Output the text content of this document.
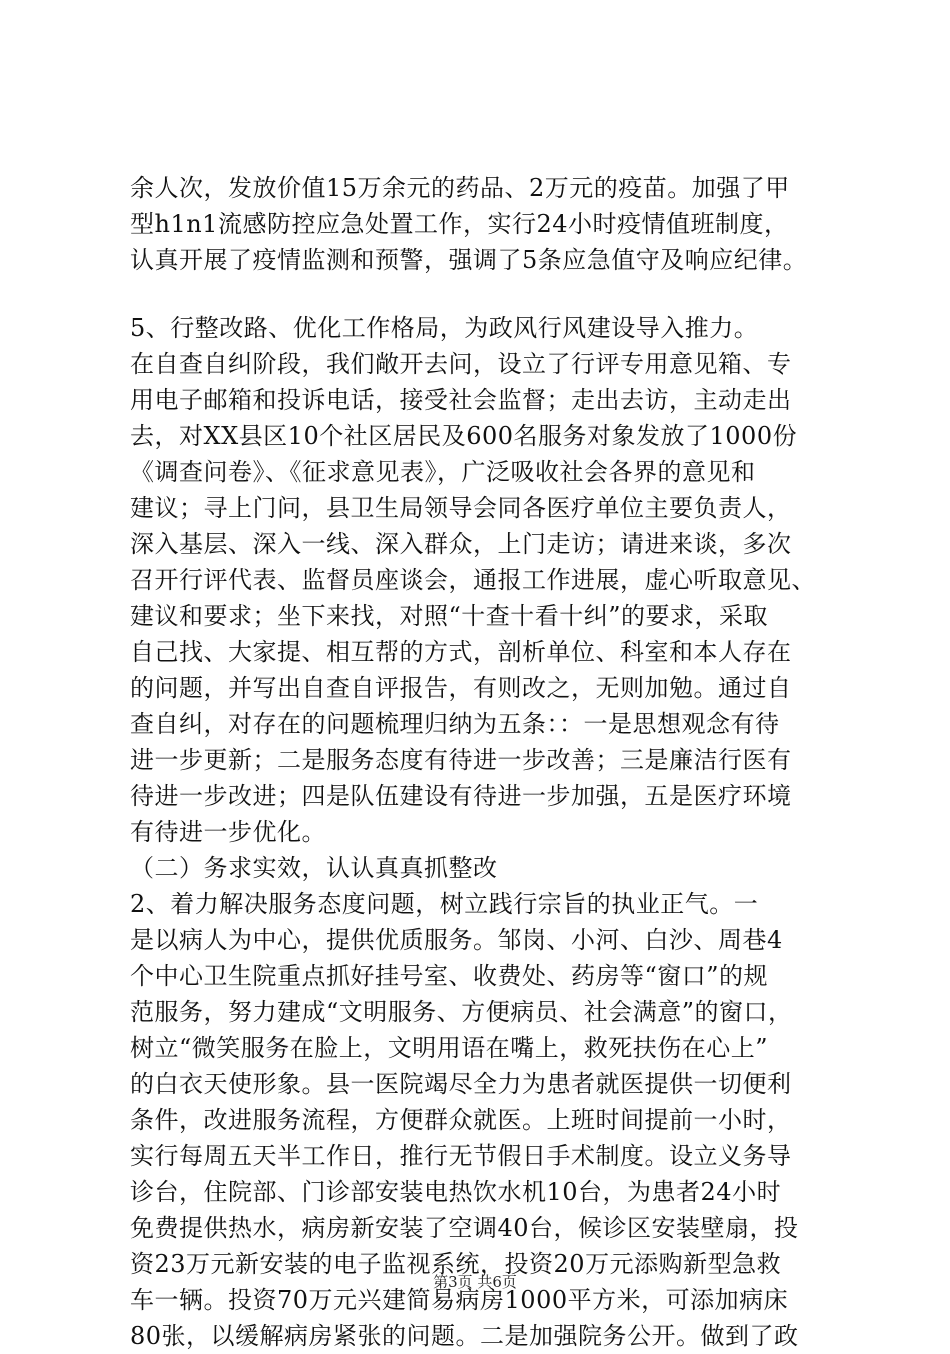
余人次，发放价值15万余元的药品、2万元的疫苗。加强了甲
型h1n1流感防控应急处置工作，实行24小时疫情值班制度，
认真开展了疫情监测和预警，强调了5条应急值守及响应纪律。
5、行整改路、优化工作格局，为政风行风建设导入推力。
在自查自纠阶段，我们敞开去问，设立了行评专用意见箱、专
用电子邮箱和投诉电话，接受社会监督；走出去访，主动走出
去，对XX县区10个社区居民及600名服务对象发放了1000份
《调查问卷》、《征求意见表》，广泛吸收社会各界的意见和
建议；寻上门问，县卫生局领导会同各医疗单位主要负责人，
深入基层、深入一线、深入群众，上门走访；请进来谈，多次
召开行评代表、监督员座谈会，通报工作进展，虚心听取意见、
建议和要求；坐下来找，对照“十查十看十纠”的要求，采取
自己找、大家提、相互帮的方式，剖析单位、科室和本人存在
的问题，并写出自查自评报告，有则改之，无则加勉。通过自
查自纠，对存在的问题梳理归纳为五条：：一是思想观念有待
进一步更新；二是服务态度有待进一步改善；三是廉洁行医有
待进一步改进；四是队伍建设有待进一步加强，五是医疗环境
有待进一步优化。
（二）务求实效，认认真真抓整改
2、着力解决服务态度问题，树立践行宗旨的执业正气。一
是以病人为中心，提供优质服务。邹岗、小河、白沙、周巷4
个中心卫生院重点抓好挂号室、收费处、药房等“窗口”的规
范服务，努力建成“文明服务、方便病员、社会满意”的窗口，
树立“微笑服务在脸上，文明用语在嘴上，救死扶伤在心上”
的白衣天使形象。县一医院竭尽全力为患者就医提供一切便利
条件，改进服务流程，方便群众就医。上班时间提前一小时，
实行每周五天半工作日，推行无节假日手术制度。设立义务导
诊台，住院部、门诊部安装电热饮水机10台，为患者24小时
免费提供热水，病房新安装了空调40台，候诊区安装壁扇，投
资23万元新安装的电子监视系统，投资20万元添购新型急救
车一辆。投资70万元兴建简易病房1000平方米，可添加病床
80张，以缓解病房紧张的问题。二是加强院务公开。做到了政
第3页 共6页
